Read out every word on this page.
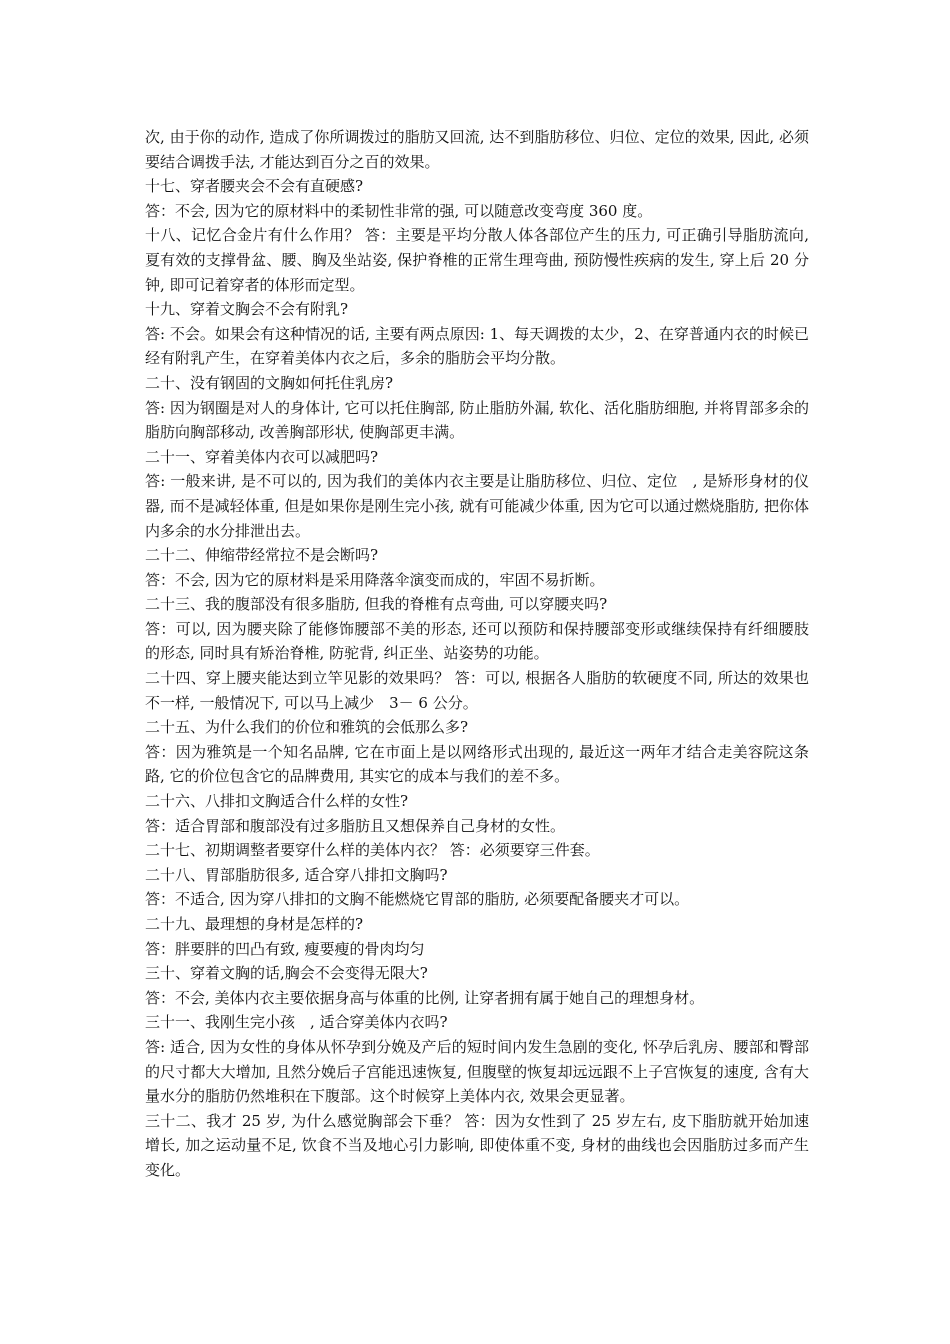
次, 由于你的动作, 造成了你所调拨过的脂肪又回流, 达不到脂肪移位、归位、定位的效果, 因此, 必须要结合调拨手法, 才能达到百分之百的效果。

十七、穿者腰夹会不会有直硬感?

答：不会, 因为它的原材料中的柔韧性非常的强, 可以随意改变弯度 360 度。

十八、记忆合金片有什么作用？ 答：主要是平均分散人体各部位产生的压力, 可正确引导脂肪流向, 夏有效的支撑骨盆、腰、胸及坐站姿, 保护脊椎的正常生理弯曲, 预防慢性疾病的发生, 穿上后 20 分钟, 即可记着穿者的体形而定型。

十九、穿着文胸会不会有附乳?

答: 不会。如果会有这种情况的话, 主要有两点原因: 1、每天调拨的太少，2、在穿普通内衣的时候已经有附乳产生，在穿着美体内衣之后，多余的脂肪会平均分散。

二十、没有钢固的文胸如何托住乳房?

答: 因为钢圈是对人的身体计, 它可以托住胸部, 防止脂肪外漏, 软化、活化脂肪细胞, 并将胃部多余的脂肪向胸部移动, 改善胸部形状, 使胸部更丰满。

二十一、穿着美体内衣可以减肥吗?

答: 一般来讲, 是不可以的, 因为我们的美体内衣主要是让脂肪移位、归位、定位　, 是矫形身材的仪器, 而不是减轻体重, 但是如果你是刚生完小孩, 就有可能减少体重, 因为它可以通过燃烧脂肪, 把你体内多余的水分排泄出去。

二十二、伸缩带经常拉不是会断吗?

答：不会, 因为它的原材料是采用降落伞演变而成的，牢固不易折断。

二十三、我的腹部没有很多脂肪, 但我的脊椎有点弯曲, 可以穿腰夹吗?

答：可以, 因为腰夹除了能修饰腰部不美的形态, 还可以预防和保持腰部变形或继续保持有纤细腰肢的形态, 同时具有矫治脊椎, 防驼背, 纠正坐、站姿势的功能。

二十四、穿上腰夹能达到立竿见影的效果吗？ 答：可以, 根据各人脂肪的软硬度不同, 所达的效果也不一样, 一般情况下, 可以马上减少　3－ 6 公分。

二十五、为什么我们的价位和雅筑的会低那么多?

答：因为雅筑是一个知名品牌, 它在市面上是以网络形式出现的, 最近这一两年才结合走美容院这条路, 它的价位包含它的品牌费用, 其实它的成本与我们的差不多。

二十六、八排扣文胸适合什么样的女性?

答：适合胃部和腹部没有过多脂肪且又想保养自己身材的女性。

二十七、初期调整者要穿什么样的美体内衣？ 答：必须要穿三件套。

二十八、胃部脂肪很多, 适合穿八排扣文胸吗?

答：不适合, 因为穿八排扣的文胸不能燃烧它胃部的脂肪, 必须要配备腰夹才可以。

二十九、最理想的身材是怎样的?

答：胖要胖的凹凸有致, 瘦要瘦的骨肉均匀

三十、穿着文胸的话,胸会不会变得无限大?

答：不会, 美体内衣主要依据身高与体重的比例, 让穿者拥有属于她自己的理想身材。

三十一、我刚生完小孩　, 适合穿美体内衣吗?

答: 适合, 因为女性的身体从怀孕到分娩及产后的短时间内发生急剧的变化, 怀孕后乳房、腰部和臀部的尺寸都大大增加, 且然分娩后子宫能迅速恢复, 但腹壁的恢复却远远跟不上子宫恢复的速度, 含有大量水分的脂肪仍然堆积在下腹部。这个时候穿上美体内衣, 效果会更显著。

三十二、我才 25 岁, 为什么感觉胸部会下垂？ 答：因为女性到了 25 岁左右, 皮下脂肪就开始加速增长, 加之运动量不足, 饮食不当及地心引力影响, 即使体重不变, 身材的曲线也会因脂肪过多而产生变化。
